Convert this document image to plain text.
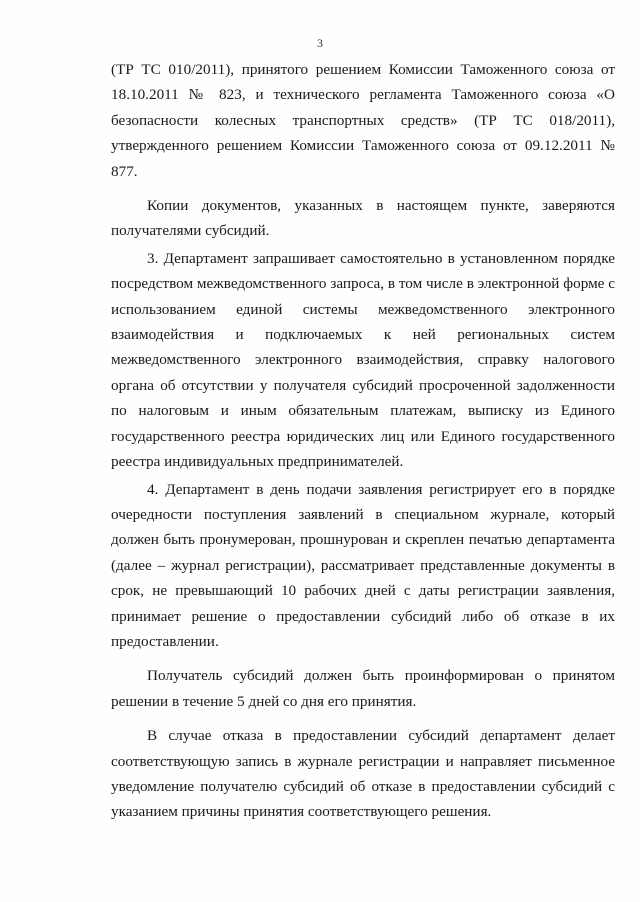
3

(ТР ТС 010/2011), принятого решением Комиссии Таможенного союза от 18.10.2011 № 823, и технического регламента Таможенного союза «О безопасности колесных транспортных средств» (ТР ТС 018/2011), утвержденного решением Комиссии Таможенного союза от 09.12.2011 № 877.

Копии документов, указанных в настоящем пункте, заверяются получателями субсидий.

3. Департамент запрашивает самостоятельно в установленном порядке посредством межведомственного запроса, в том числе в электронной форме с использованием единой системы межведомственного электронного взаимодействия и подключаемых к ней региональных систем межведомственного электронного взаимодействия, справку налогового органа об отсутствии у получателя субсидий просроченной задолженности по налоговым и иным обязательным платежам, выписку из Единого государственного реестра юридических лиц или Единого государственного реестра индивидуальных предпринимателей.

4. Департамент в день подачи заявления регистрирует его в порядке очередности поступления заявлений в специальном журнале, который должен быть пронумерован, прошнурован и скреплен печатью департамента (далее – журнал регистрации), рассматривает представленные документы в срок, не превышающий 10 рабочих дней с даты регистрации заявления, принимает решение о предоставлении субсидий либо об отказе в их предоставлении.

Получатель субсидий должен быть проинформирован о принятом решении в течение 5 дней со дня его принятия.

В случае отказа в предоставлении субсидий департамент делает соответствующую запись в журнале регистрации и направляет письменное уведомление получателю субсидий об отказе в предоставлении субсидий с указанием причины принятия соответствующего решения.
